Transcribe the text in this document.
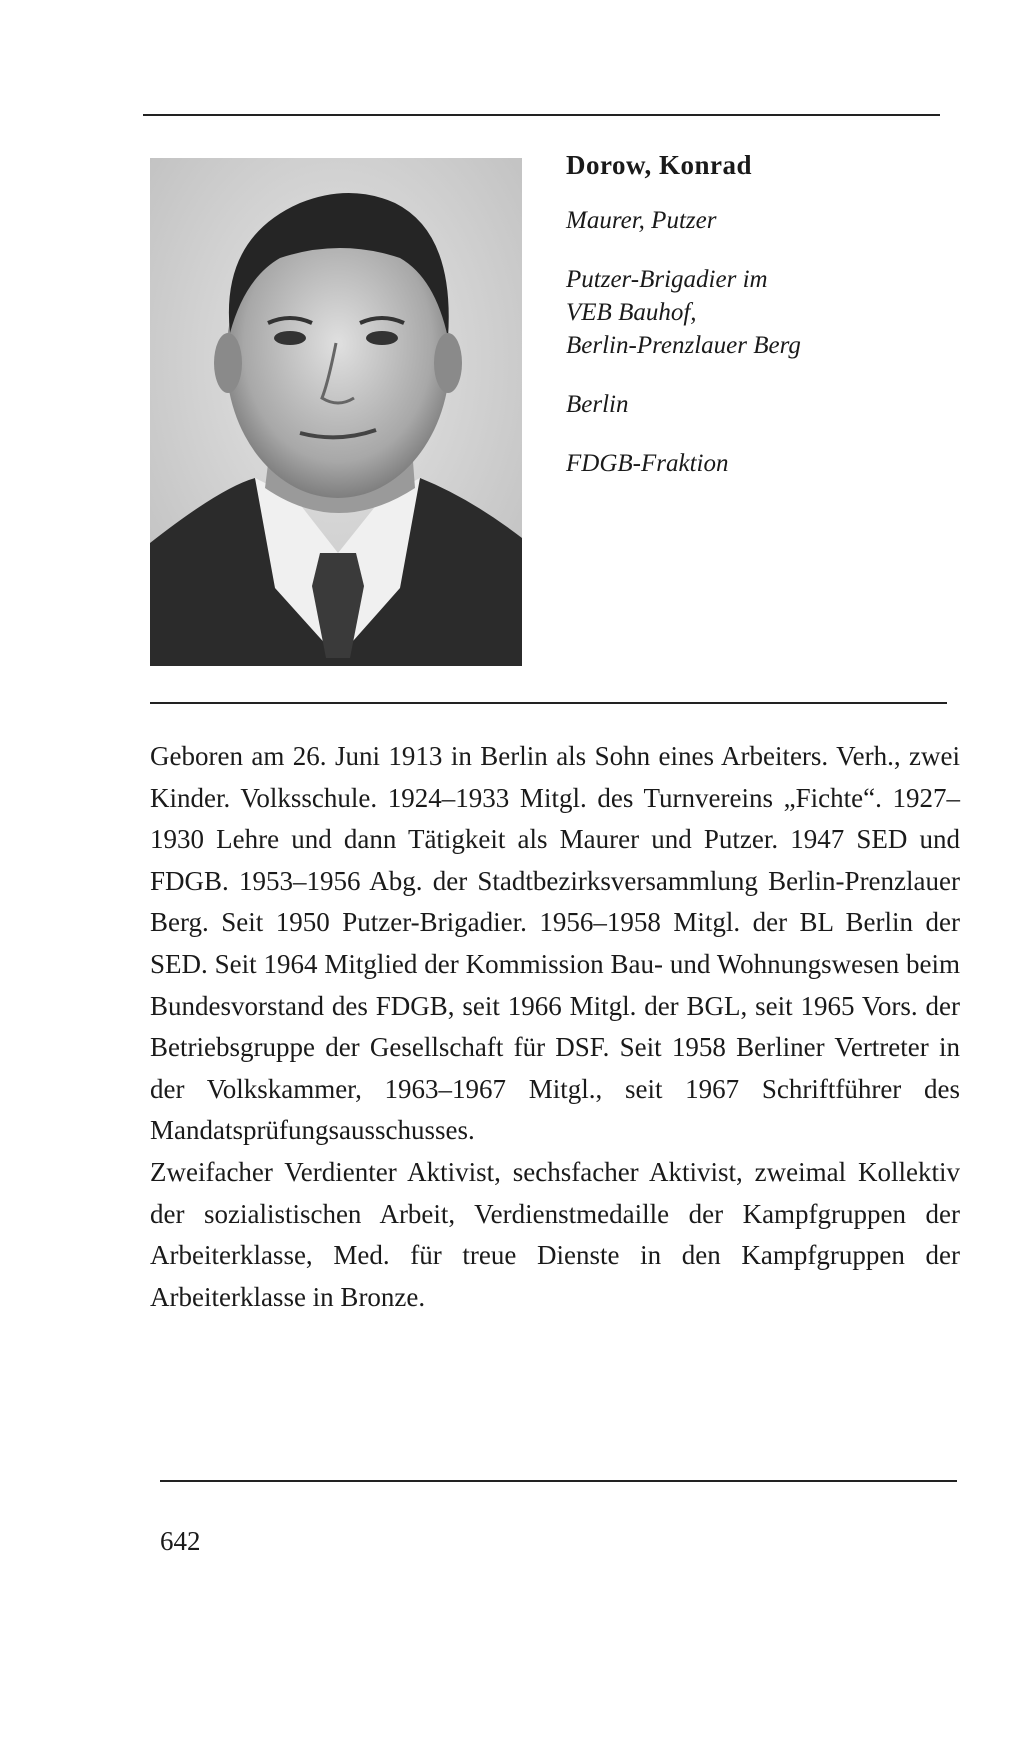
Dorow, Konrad

Maurer, Putzer

Putzer-Brigadier im

VEB Bauhof,

Berlin-Prenzlauer Berg

Berlin

FDGB-Fraktion

Geboren am 26. Juni 1913 in Berlin als Sohn eines Arbeiters. Verh., zwei Kinder. Volksschule. 1924–1933 Mitgl. des Turnvereins „Fichte“. 1927–1930 Lehre und dann Tätigkeit als Maurer und Putzer. 1947 SED und FDGB. 1953–1956 Abg. der Stadtbezirksversammlung Berlin-Prenzlauer Berg. Seit 1950 Putzer-Brigadier. 1956–1958 Mitgl. der BL Berlin der SED. Seit 1964 Mitglied der Kommission Bau- und Wohnungswesen beim Bundesvorstand des FDGB, seit 1966 Mitgl. der BGL, seit 1965 Vors. der Betriebsgruppe der Gesellschaft für DSF. Seit 1958 Berliner Vertreter in der Volkskammer, 1963–1967 Mitgl., seit 1967 Schriftführer des Mandatsprüfungsausschusses.

Zweifacher Verdienter Aktivist, sechsfacher Aktivist, zweimal Kollektiv der sozialistischen Arbeit, Verdienstmedaille der Kampfgruppen der Arbeiterklasse, Med. für treue Dienste in den Kampfgruppen der Arbeiterklasse in Bronze.

642
